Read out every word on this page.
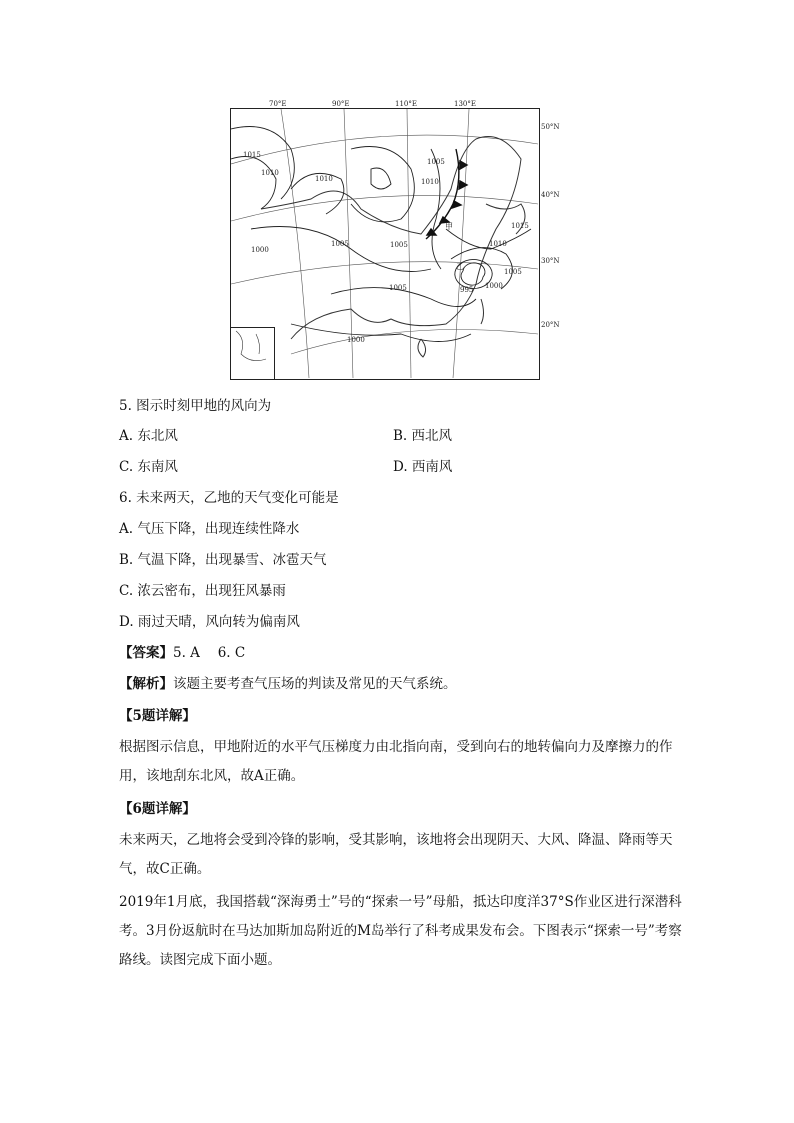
70°E	90°E	110°E	130°E
50°N
40°N
30°N
20°N
1015
1010
1010
1005
1010
1005
1000
1005	1010
1015
1005
1000
995
1005
1000
甲
乙
5. 图示时刻甲地的风向为
A. 东北风	B. 西北风
C. 东南风	D. 西南风
6. 未来两天，乙地的天气变化可能是
A. 气压下降，出现连续性降水
B. 气温下降，出现暴雪、冰雹天气
C. 浓云密布，出现狂风暴雨
D. 雨过天晴，风向转为偏南风
【答案】5. A　 6. C
【解析】该题主要考查气压场的判读及常见的天气系统。
【5题详解】
根据图示信息，甲地附近的水平气压梯度力由北指向南，受到向右的地转偏向力及摩擦力的作用，该地刮东北风，故A正确。
【6题详解】
未来两天，乙地将会受到冷锋的影响，受其影响，该地将会出现阴天、大风、降温、降雨等天气，故C正确。
2019年1月底，我国搭载“深海勇士”号的“探索一号”母船，抵达印度洋37°S作业区进行深潜科考。3月份返航时在马达加斯加岛附近的M岛举行了科考成果发布会。下图表示“探索一号”考察路线。读图完成下面小题。
